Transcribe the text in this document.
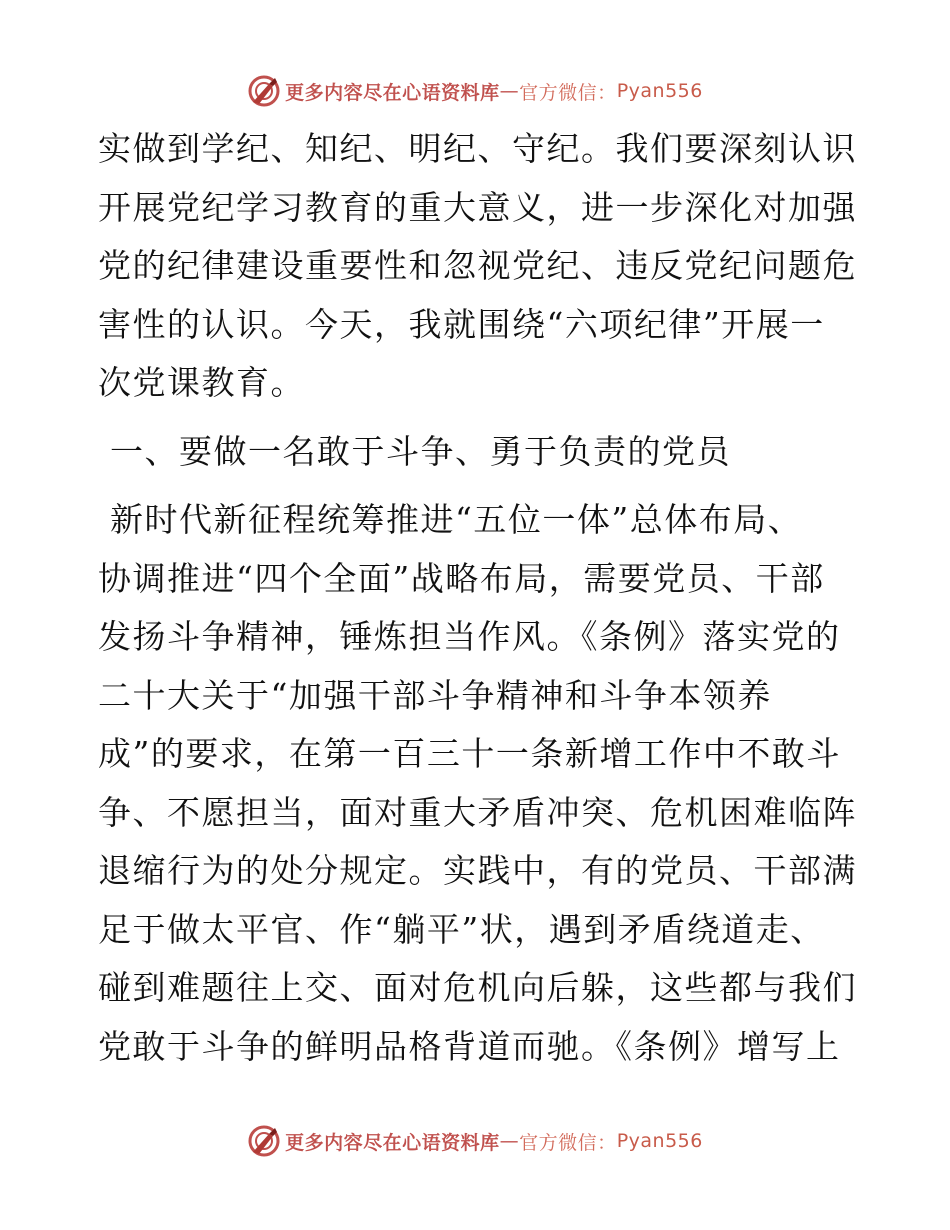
更多内容尽在心语资料库 — 官方微信： Pyan556
实做到学纪、知纪、明纪、守纪。我们要深刻认识
开展党纪学习教育的重大意义，进一步深化对加强
党的纪律建设重要性和忽视党纪、违反党纪问题危
害性的认识。今天，我就围绕“六项纪律”开展一
次党课教育。
一、要做一名敢于斗争、勇于负责的党员
新时代新征程统筹推进“五位一体”总体布局、
协调推进“四个全面”战略布局，需要党员、干部
发扬斗争精神，锤炼担当作风。《条例》落实党的
二十大关于“加强干部斗争精神和斗争本领养
成”的要求，在第一百三十一条新增工作中不敢斗
争、不愿担当，面对重大矛盾冲突、危机困难临阵
退缩行为的处分规定。实践中，有的党员、干部满
足于做太平官、作“躺平”状，遇到矛盾绕道走、
碰到难题往上交、面对危机向后躲，这些都与我们
党敢于斗争的鲜明品格背道而驰。《条例》增写上
更多内容尽在心语资料库 — 官方微信： Pyan556
